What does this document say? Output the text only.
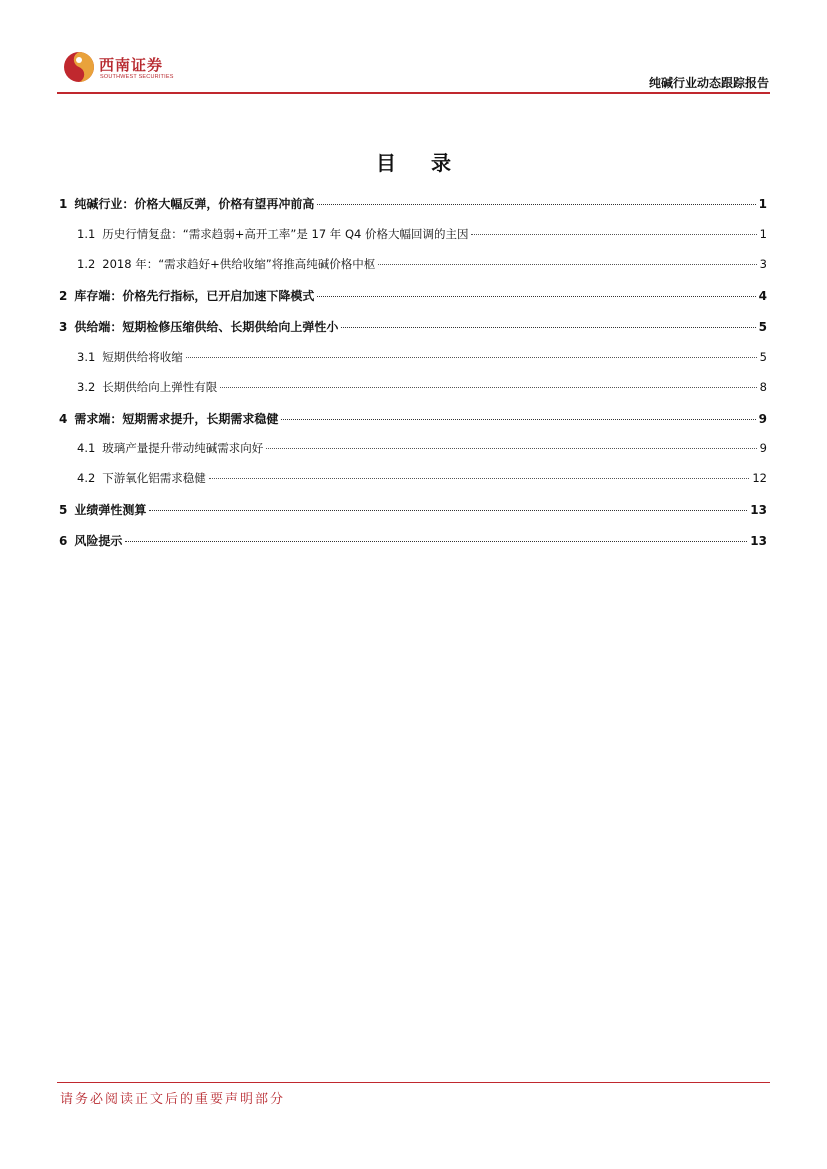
西南证券
SOUTHWEST SECURITIES	纯碱行业动态跟踪报告
目 录
1 纯碱行业：价格大幅反弹，价格有望再冲前高	1
1.1 历史行情复盘：“需求趋弱+高开工率”是 17 年 Q4 价格大幅回调的主因	1
1.2 2018 年：“需求趋好+供给收缩”将推高纯碱价格中枢	3
2 库存端：价格先行指标，已开启加速下降模式	4
3 供给端：短期检修压缩供给、长期供给向上弹性小	5
3.1 短期供给将收缩	5
3.2 长期供给向上弹性有限	8
4 需求端：短期需求提升，长期需求稳健	9
4.1 玻璃产量提升带动纯碱需求向好	9
4.2 下游氧化铝需求稳健	12
5 业绩弹性测算	13
6 风险提示	13
请务必阅读正文后的重要声明部分
